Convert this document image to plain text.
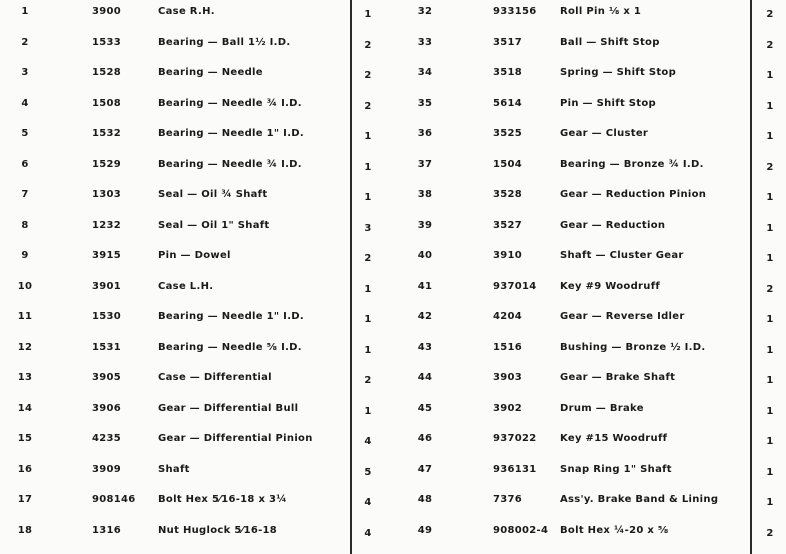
1	3900	Case R.H.	1
2	1533	Bearing — Ball 1½ I.D.	2
3	1528	Bearing — Needle	2
4	1508	Bearing — Needle ¾ I.D.	2
5	1532	Bearing — Needle 1" I.D.	1
6	1529	Bearing — Needle ¾ I.D.	1
7	1303	Seal — Oil ¾ Shaft	1
8	1232	Seal — Oil 1" Shaft	3
9	3915	Pin — Dowel	2
10	3901	Case L.H.	1
11	1530	Bearing — Needle 1" I.D.	1
12	1531	Bearing — Needle ⅝ I.D.	1
13	3905	Case — Differential	2
14	3906	Gear — Differential Bull	1
15	4235	Gear — Differential Pinion	4
16	3909	Shaft	5
17	908146 Bolt Hex 5⁄16-18 x 3¼	4
18	1316	Nut Huglock 5⁄16-18	4
32	933156 Roll Pin ⅛ x 1	2
33	3517	Ball — Shift Stop	2
34	3518	Spring — Shift Stop	1
35	5614	Pin — Shift Stop	1
36	3525	Gear — Cluster	1
37	1504	Bearing — Bronze ¾ I.D.	2
38	3528	Gear — Reduction Pinion	1
39	3527	Gear — Reduction	1
40	3910	Shaft — Cluster Gear	1
41	937014 Key #9 Woodruff	2
42	4204	Gear — Reverse Idler	1
43	1516	Bushing — Bronze ½ I.D.	1
44	3903	Gear — Brake Shaft	1
45	3902	Drum — Brake	1
46	937022 Key #15 Woodruff	1
47	936131 Snap Ring 1" Shaft	1
48	7376	Ass'y. Brake Band & Lining	1
49	908002-4 Bolt Hex ¼-20 x ⅝	2
